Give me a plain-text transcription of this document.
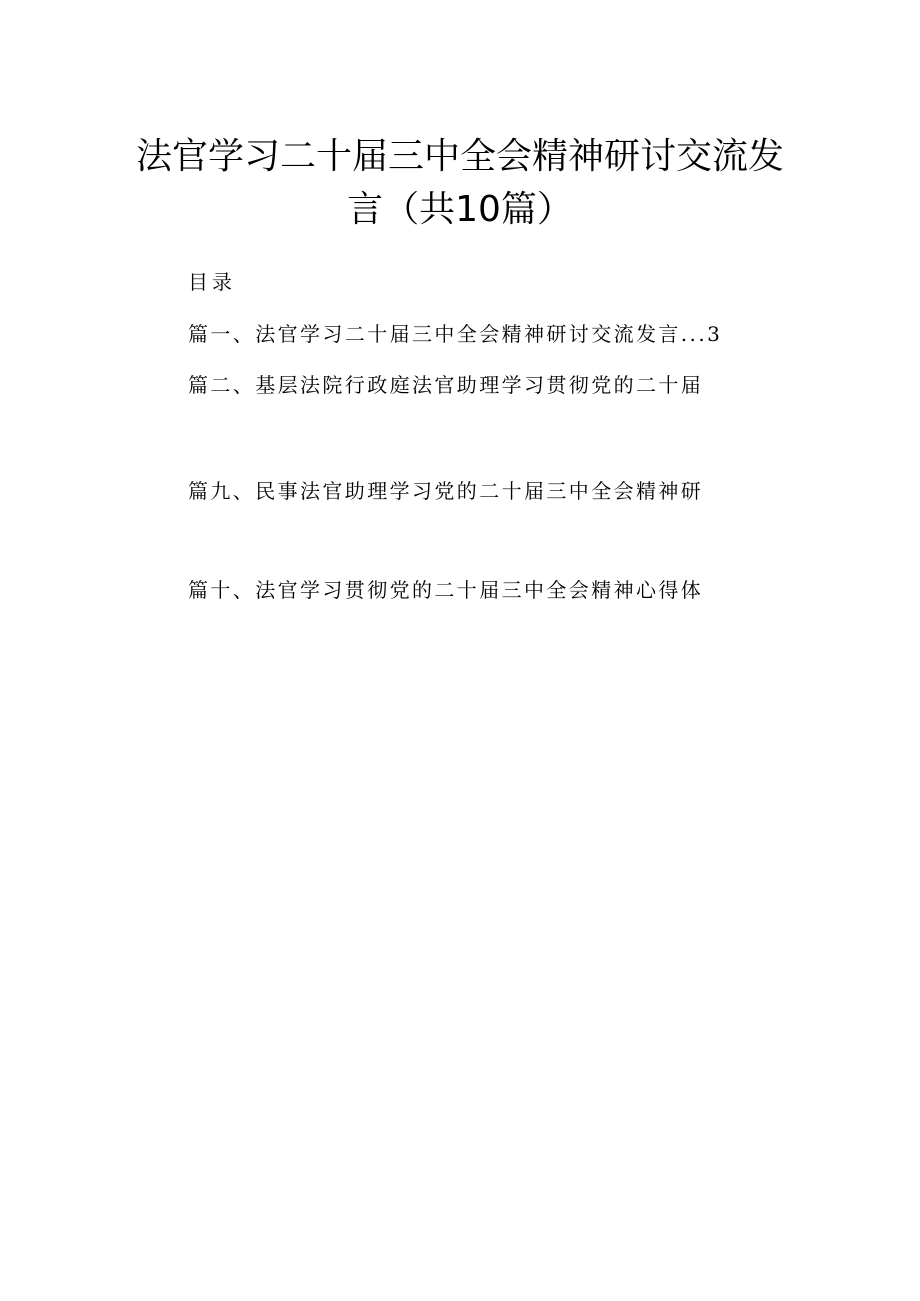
法官学习二十届三中全会精神研讨交流发
言（共10篇）
目录
篇一、法官学习二十届三中全会精神研讨交流发言...3
篇二、基层法院行政庭法官助理学习贯彻党的二十届
篇九、民事法官助理学习党的二十届三中全会精神研
篇十、法官学习贯彻党的二十届三中全会精神心得体
